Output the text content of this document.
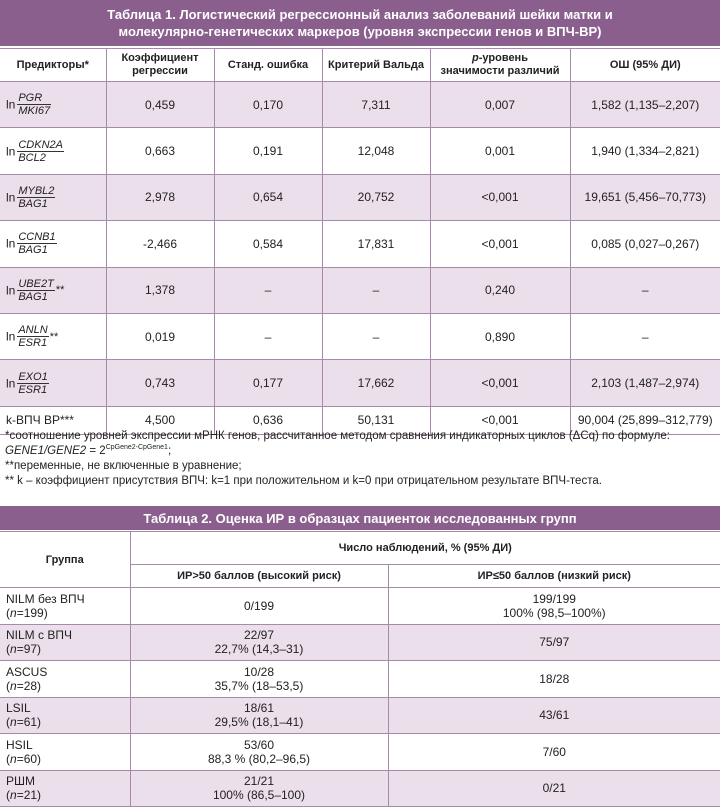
Таблица 1. Логистический регрессионный анализ заболеваний шейки матки и
молекулярно-генетических маркеров (уровня экспрессии генов и ВПЧ-ВР)
Предикторы*	Коэффициент
регрессии	Станд. ошибка	Критерий Вальда	p-уровень
значимости различий	ОШ (95% ДИ)
$\ln \frac{\text{PGR}}{\text{MKI67}}$	0,459	0,170	7,311	0,007	1,582 (1,135–2,207)
$\ln \frac{\text{CDKN2A}}{\text{BCL2}}$	0,663	0,191	12,048	0,001	1,940 (1,334–2,821)
$\ln \frac{\text{MYBL2}}{\text{BAG1}}$	2,978	0,654	20,752	<0,001	19,651 (5,456–70,773)
$\ln \frac{\text{CCNB1}}{\text{BAG1}}$	-2,466	0,584	17,831	<0,001	0,085 (0,027–0,267)
$\ln \frac{\text{UBE2T}}{\text{BAG1}}$ **	1,378	–	–	0,240	–
$\ln \frac{\text{ANLN}}{\text{ESR1}}$ **	0,019	–	–	0,890	–
$\ln \frac{\text{EXO1}}{\text{ESR1}}$	0,743	0,177	17,662	<0,001	2,103 (1,487–2,974)
k-ВПЧ ВР***	4,500	0,636	50,131	<0,001	90,004 (25,899–312,779)
*соотношение уровней экспрессии мРНК генов, рассчитанное методом сравнения индикаторных циклов (ΔCq) по формуле:
GENE1/GENE2 = $2^{CpGene2-CpGene1}$;
**переменные, не включенные в уравнение;
** k – коэффициент присутствия ВПЧ: k=1 при положительном и k=0 при отрицательном результате ВПЧ-теста.
Таблица 2. Оценка ИР в образцах пациенток исследованных групп
Группа	Число наблюдений, % (95% ДИ)	
	ИР>50 баллов (высокий риск)	ИР≤50 баллов (низкий риск)

NILM без ВПЧ
(n=199)	0/199	199/199
100% (98,5–100%)

NILM с ВПЧ
(n=97)	22/97
22,7% (14,3–31)	75/97

ASCUS
(n=28)	10/28
35,7% (18–53,5)	18/28

LSIL
(n=61)	18/61
29,5% (18,1–41)	43/61

HSIL
(n=60)	53/60
88,3 % (80,2–96,5)	7/60

РШМ
(n=21)	21/21
100% (86,5–100)	0/21
